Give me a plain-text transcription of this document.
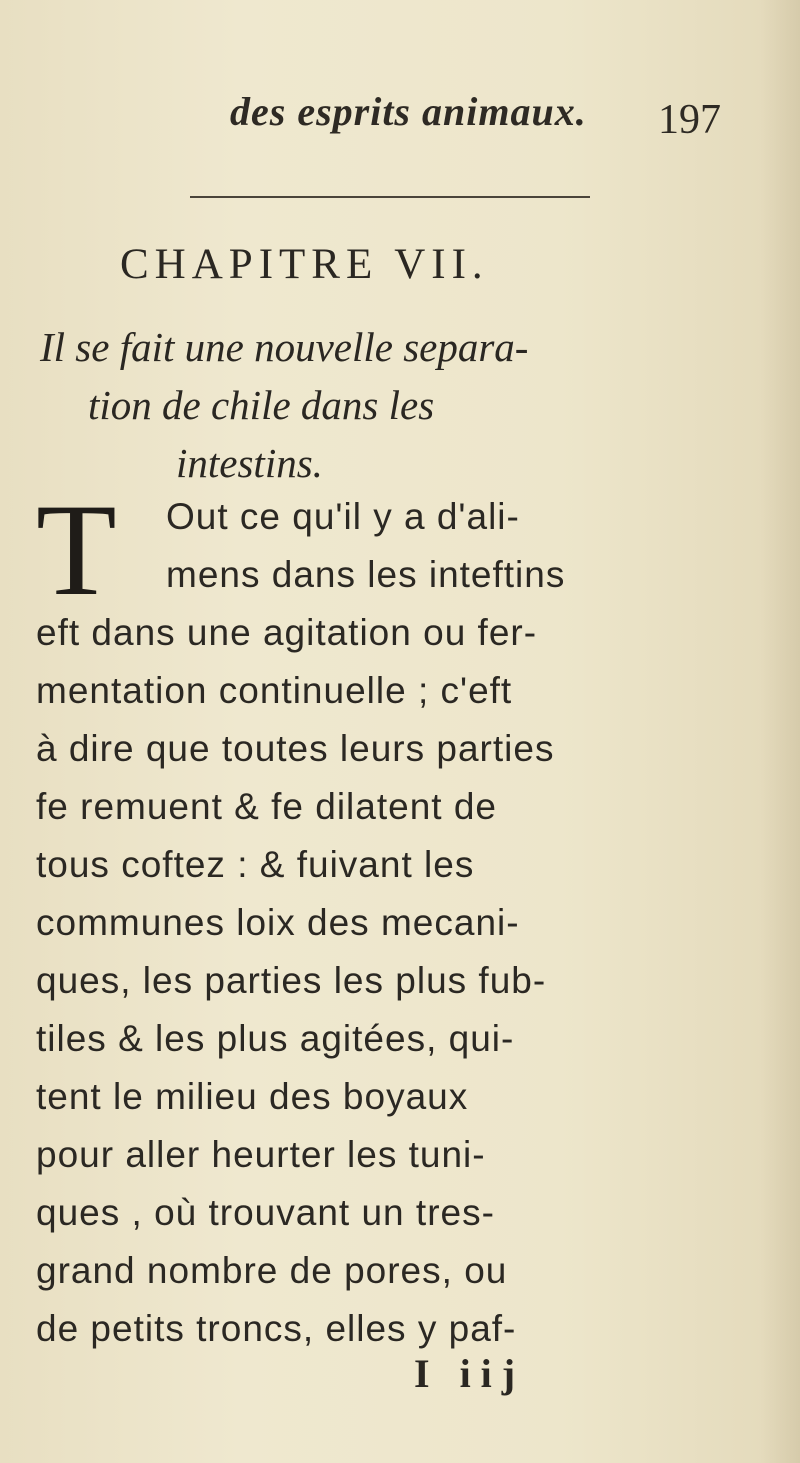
des esprits animaux. 197
CHAPITRE VII.
Il se fait une nouvelle separa-
tion de chile dans les
intestins.
T Out ce qu'il y a d'ali-
mens dans les inteftins
eft dans une agitation ou fer-
mentation continuelle ; c'eft
à dire que toutes leurs parties
fe remuent & fe dilatent de
tous coftez : & fuivant les
communes loix des mecani-
ques, les parties les plus fub-
tiles & les plus agitées, qui-
tent le milieu des boyaux
pour aller heurter les tuni-
ques , où trouvant un tres-
grand nombre de pores, ou
de petits troncs, elles y paf-
I iij
